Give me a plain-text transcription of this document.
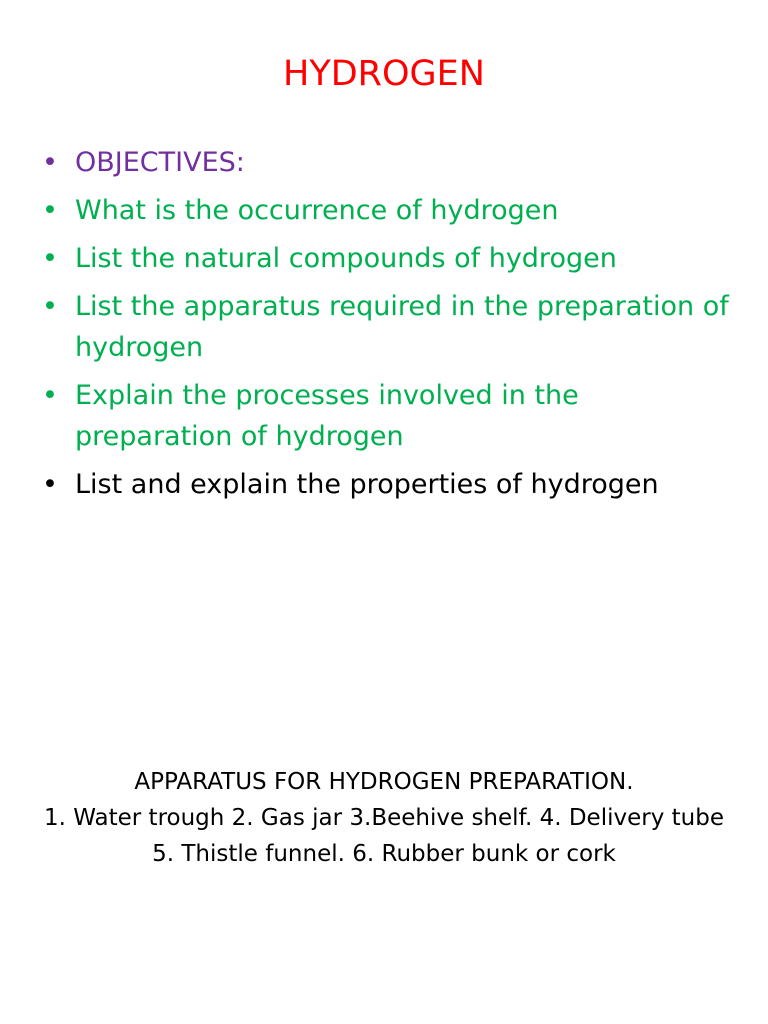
HYDROGEN
• OBJECTIVES:
• What is the occurrence of hydrogen
• List the natural compounds of hydrogen
• List the apparatus required in the preparation of hydrogen
• Explain the processes involved in the preparation of hydrogen
• List and explain the properties of hydrogen
APPARATUS FOR HYDROGEN PREPARATION.
1. Water trough 2. Gas jar 3.Beehive shelf. 4. Delivery tube 5. Thistle funnel. 6. Rubber bunk or cork
